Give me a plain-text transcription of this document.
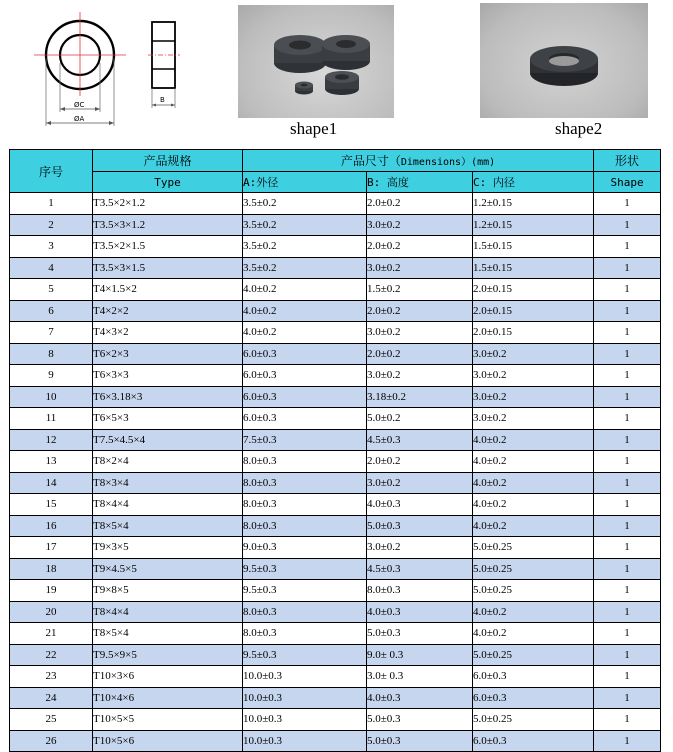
ØC
ØA
B
shape1	shape2
序号	产品规格	产品尺寸（Dimensions）(mm)			形状
	Type	A:外径	B: 高度	C: 内径	Shape
1	T3.5×2×1.2	3.5±0.2	2.0±0.2	1.2±0.15	1
2	T3.5×3×1.2	3.5±0.2	3.0±0.2	1.2±0.15	1
3	T3.5×2×1.5	3.5±0.2	2.0±0.2	1.5±0.15	1
4	T3.5×3×1.5	3.5±0.2	3.0±0.2	1.5±0.15	1
5	T4×1.5×2	4.0±0.2	1.5±0.2	2.0±0.15	1
6	T4×2×2	4.0±0.2	2.0±0.2	2.0±0.15	1
7	T4×3×2	4.0±0.2	3.0±0.2	2.0±0.15	1
8	T6×2×3	6.0±0.3	2.0±0.2	3.0±0.2	1
9	T6×3×3	6.0±0.3	3.0±0.2	3.0±0.2	1
10	T6×3.18×3	6.0±0.3	3.18±0.2	3.0±0.2	1
11	T6×5×3	6.0±0.3	5.0±0.2	3.0±0.2	1
12	T7.5×4.5×4	7.5±0.3	4.5±0.3	4.0±0.2	1
13	T8×2×4	8.0±0.3	2.0±0.2	4.0±0.2	1
14	T8×3×4	8.0±0.3	3.0±0.2	4.0±0.2	1
15	T8×4×4	8.0±0.3	4.0±0.3	4.0±0.2	1
16	T8×5×4	8.0±0.3	5.0±0.3	4.0±0.2	1
17	T9×3×5	9.0±0.3	3.0±0.2	5.0±0.25	1
18	T9×4.5×5	9.5±0.3	4.5±0.3	5.0±0.25	1
19	T9×8×5	9.5±0.3	8.0±0.3	5.0±0.25	1
20	T8×4×4	8.0±0.3	4.0±0.3	4.0±0.2	1
21	T8×5×4	8.0±0.3	5.0±0.3	4.0±0.2	1
22	T9.5×9×5	9.5±0.3	9.0± 0.3	5.0±0.25	1
23	T10×3×6	10.0±0.3	3.0± 0.3	6.0±0.3	1
24	T10×4×6	10.0±0.3	4.0±0.3	6.0±0.3	1
25	T10×5×5	10.0±0.3	5.0±0.3	5.0±0.25	1
26	T10×5×6	10.0±0.3	5.0±0.3	6.0±0.3	1
